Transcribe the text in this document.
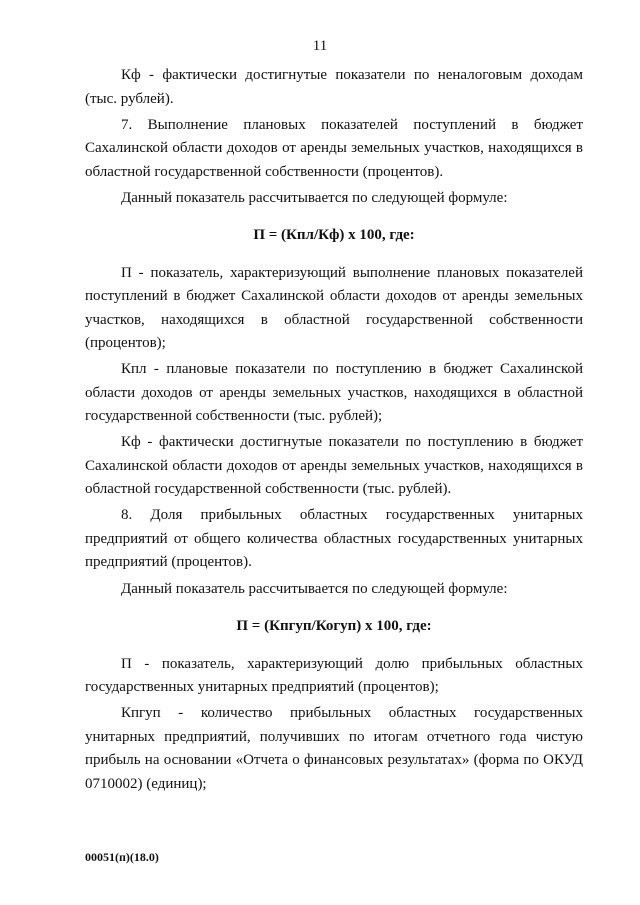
11

Кф - фактически достигнутые показатели по неналоговым доходам (тыс. рублей).

7. Выполнение плановых показателей поступлений в бюджет Сахалинской области доходов от аренды земельных участков, находящихся в областной государственной собственности (процентов).

Данный показатель рассчитывается по следующей формуле:

П = (Кпл/Кф) х 100, где:

П - показатель, характеризующий выполнение плановых показателей поступлений в бюджет Сахалинской области доходов от аренды земельных участков, находящихся в областной государственной собственности (процентов);

Кпл - плановые показатели по поступлению в бюджет Сахалинской области доходов от аренды земельных участков, находящихся в областной государственной собственности (тыс. рублей);

Кф - фактически достигнутые показатели по поступлению в бюджет Сахалинской области доходов от аренды земельных участков, находящихся в областной государственной собственности (тыс. рублей).

8. Доля прибыльных областных государственных унитарных предприятий от общего количества областных государственных унитарных предприятий (процентов).

Данный показатель рассчитывается по следующей формуле:

П = (Кпгуп/Когуп) х 100, где:

П - показатель, характеризующий долю прибыльных областных государственных унитарных предприятий (процентов);

Кпгуп - количество прибыльных областных государственных унитарных предприятий, получивших по итогам отчетного года чистую прибыль на основании «Отчета о финансовых результатах» (форма по ОКУД 0710002) (единиц);

00051(п)(18.0)
